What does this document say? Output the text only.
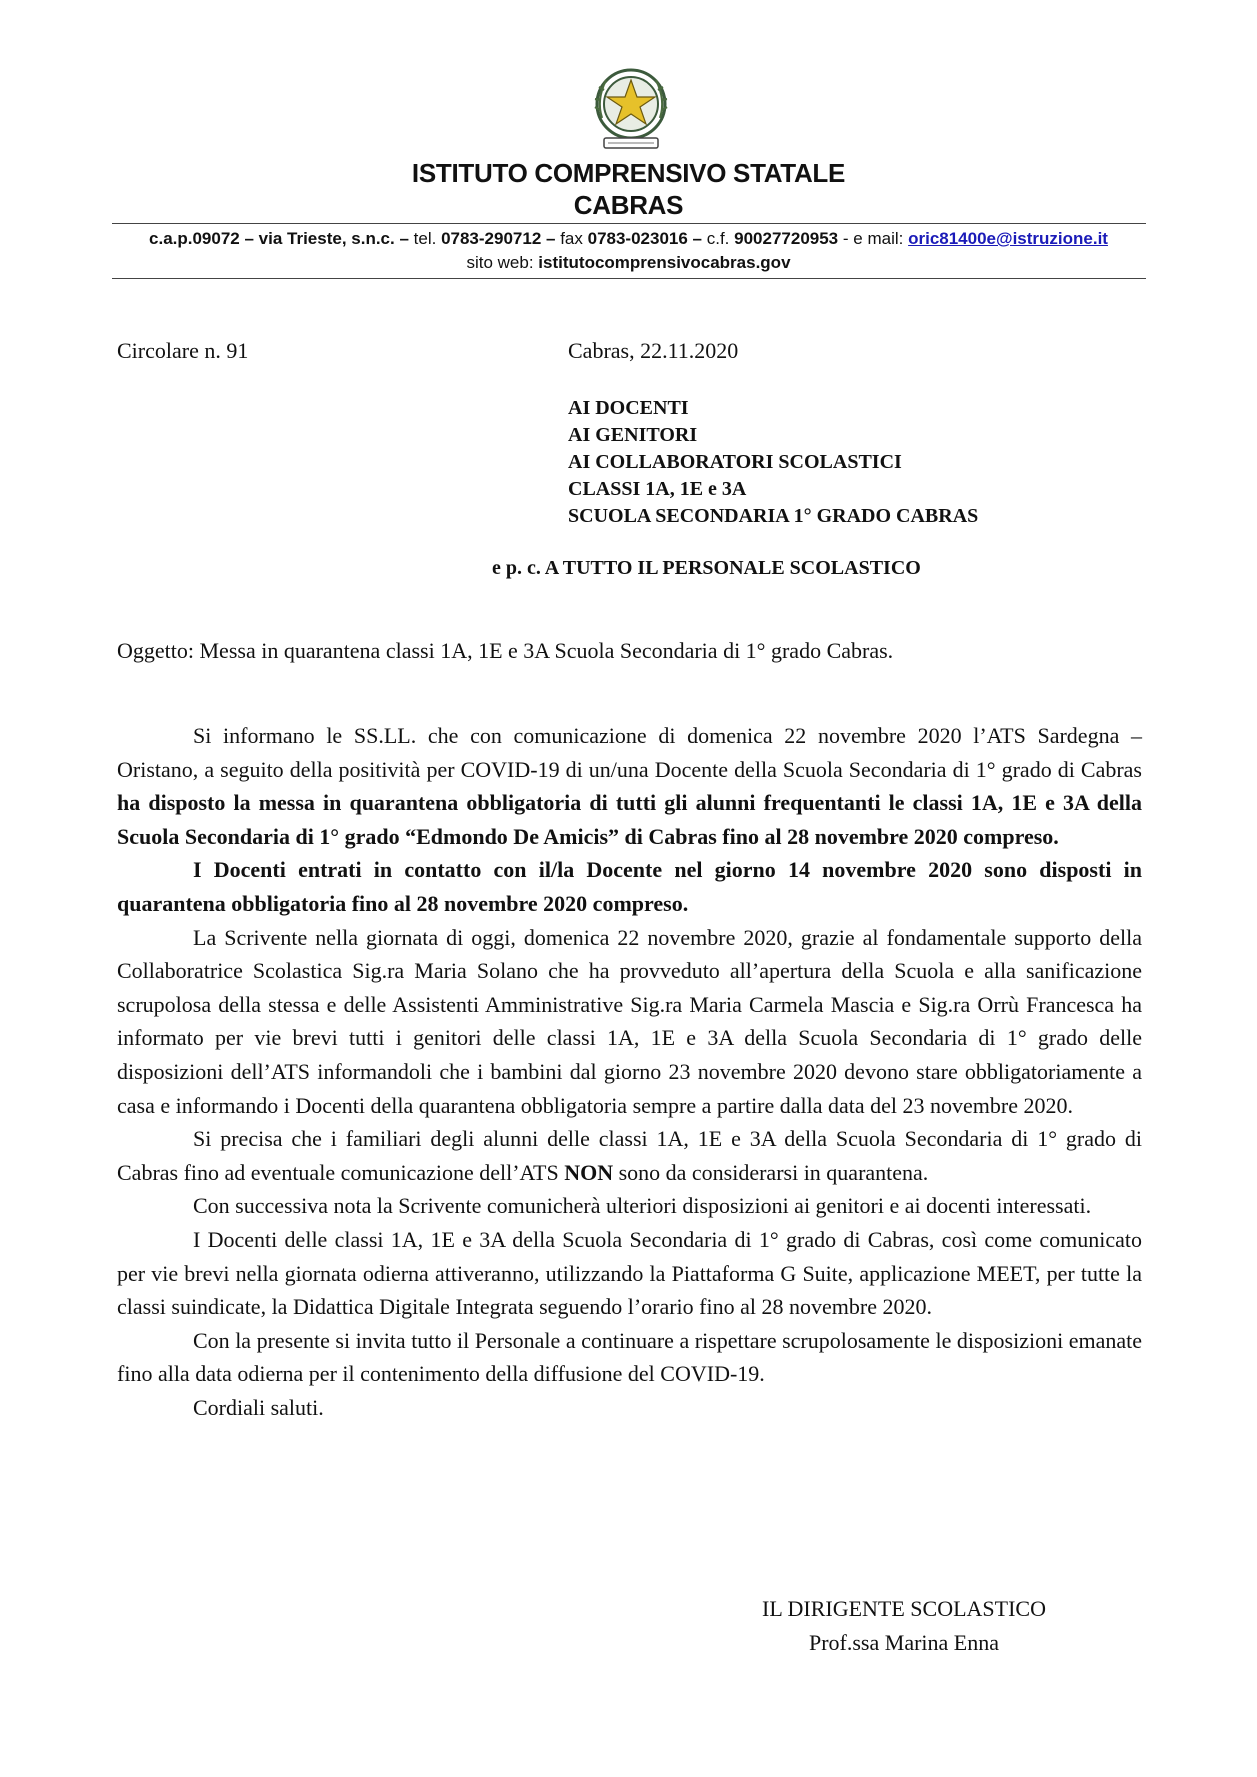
ISTITUTO COMPRENSIVO STATALE
CABRAS
c.a.p.09072 – via Trieste, s.n.c. – tel. 0783-290712 – fax 0783-023016 – c.f. 90027720953 - e mail: oric81400e@istruzione.it
sito web: istitutocomprensivocabras.gov
Circolare n. 91	Cabras, 22.11.2020
AI DOCENTI
AI GENITORI
AI COLLABORATORI SCOLASTICI
CLASSI 1A, 1E e 3A
SCUOLA SECONDARIA 1° GRADO CABRAS
e p. c. A TUTTO IL PERSONALE SCOLASTICO
Oggetto: Messa in quarantena classi 1A, 1E e 3A Scuola Secondaria di 1° grado Cabras.

Si informano le SS.LL. che con comunicazione di domenica 22 novembre 2020 l’ATS Sardegna – Oristano, a seguito della positività per COVID-19 di un/una Docente della Scuola Secondaria di 1° grado di Cabras ha disposto la messa in quarantena obbligatoria di tutti gli alunni frequentanti le classi 1A, 1E e 3A della Scuola Secondaria di 1° grado “Edmondo De Amicis” di Cabras fino al 28 novembre 2020 compreso.

I Docenti entrati in contatto con il/la Docente nel giorno 14 novembre 2020 sono disposti in quarantena obbligatoria fino al 28 novembre 2020 compreso.

La Scrivente nella giornata di oggi, domenica 22 novembre 2020, grazie al fondamentale supporto della Collaboratrice Scolastica Sig.ra Maria Solano che ha provveduto all’apertura della Scuola e alla sanificazione scrupolosa della stessa e delle Assistenti Amministrative Sig.ra Maria Carmela Mascia e Sig.ra Orrù Francesca ha informato per vie brevi tutti i genitori delle classi 1A, 1E e 3A della Scuola Secondaria di 1° grado delle disposizioni dell’ATS informandoli che i bambini dal giorno 23 novembre 2020 devono stare obbligatoriamente a casa e informando i Docenti della quarantena obbligatoria sempre a partire dalla data del 23 novembre 2020.

Si precisa che i familiari degli alunni delle classi 1A, 1E e 3A della Scuola Secondaria di 1° grado di Cabras fino ad eventuale comunicazione dell’ATS NON sono da considerarsi in quarantena.

Con successiva nota la Scrivente comunicherà ulteriori disposizioni ai genitori e ai docenti interessati.

I Docenti delle classi 1A, 1E e 3A della Scuola Secondaria di 1° grado di Cabras, così come comunicato per vie brevi nella giornata odierna attiveranno, utilizzando la Piattaforma G Suite, applicazione MEET, per tutte la classi suindicate, la Didattica Digitale Integrata seguendo l’orario fino al 28 novembre 2020.

Con la presente si invita tutto il Personale a continuare a rispettare scrupolosamente le disposizioni emanate fino alla data odierna per il contenimento della diffusione del COVID-19.

Cordiali saluti.

IL DIRIGENTE SCOLASTICO
Prof.ssa Marina Enna
